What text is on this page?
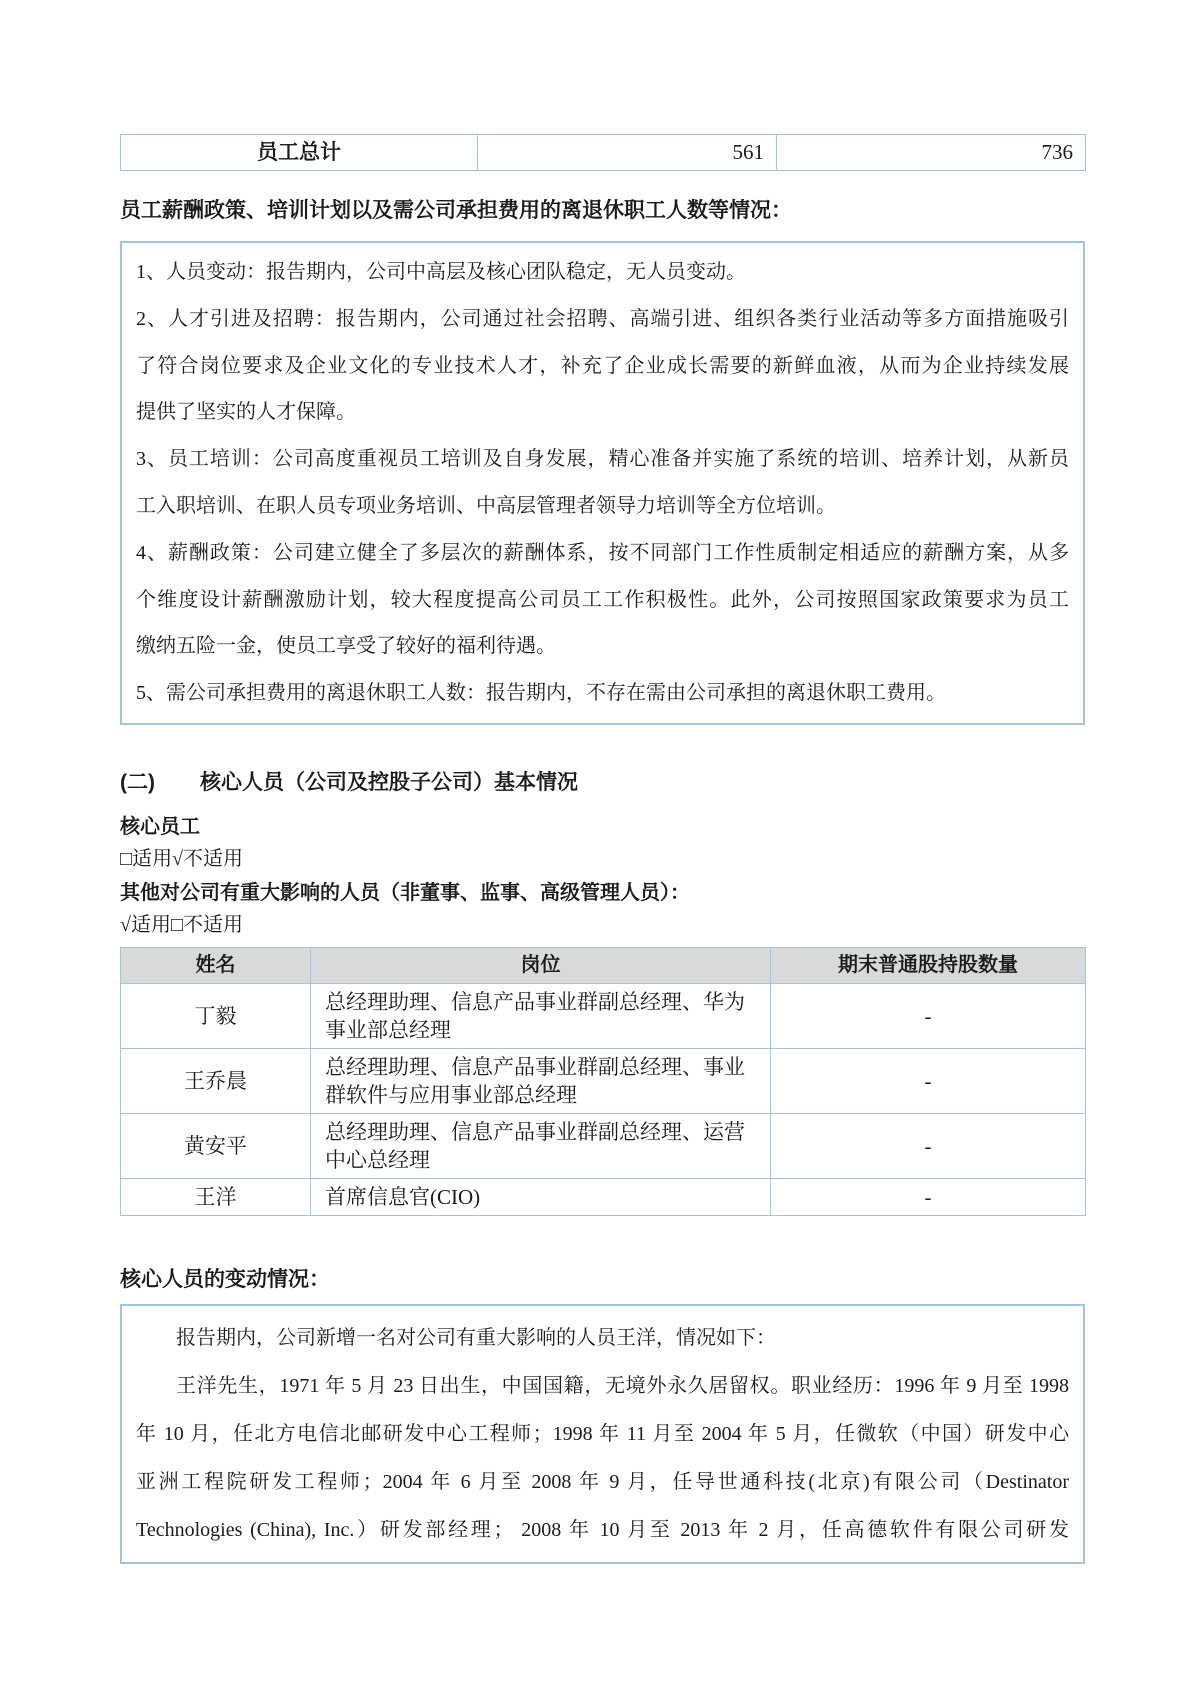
员工总计	561	736
员工薪酬政策、培训计划以及需公司承担费用的离退休职工人数等情况：
1、人员变动：报告期内，公司中高层及核心团队稳定，无人员变动。
2、人才引进及招聘：报告期内，公司通过社会招聘、高端引进、组织各类行业活动等多方面措施吸引
了符合岗位要求及企业文化的专业技术人才，补充了企业成长需要的新鲜血液，从而为企业持续发展
提供了坚实的人才保障。
3、员工培训：公司高度重视员工培训及自身发展，精心准备并实施了系统的培训、培养计划，从新员
工入职培训、在职人员专项业务培训、中高层管理者领导力培训等全方位培训。
4、薪酬政策：公司建立健全了多层次的薪酬体系，按不同部门工作性质制定相适应的薪酬方案，从多
个维度设计薪酬激励计划，较大程度提高公司员工工作积极性。此外，公司按照国家政策要求为员工
缴纳五险一金，使员工享受了较好的福利待遇。
5、需公司承担费用的离退休职工人数：报告期内，不存在需由公司承担的离退休职工费用。
(二) 核心人员（公司及控股子公司）基本情况
核心员工
□适用√不适用
其他对公司有重大影响的人员（非董事、监事、高级管理人员）：
√适用□不适用
姓名	岗位	期末普通股持股数量
丁毅	总经理助理、信息产品事业群副总经理、华为事业部总经理	-
王乔晨	总经理助理、信息产品事业群副总经理、事业群软件与应用事业部总经理	-
黄安平	总经理助理、信息产品事业群副总经理、运营中心总经理	-
王洋	首席信息官(CIO)	-
核心人员的变动情况：
报告期内，公司新增一名对公司有重大影响的人员王洋，情况如下：
王洋先生，1971 年 5 月 23 日出生，中国国籍，无境外永久居留权。职业经历：1996 年 9 月至 1998
年 10 月，任北方电信北邮研发中心工程师；1998 年 11 月至 2004 年 5 月，任微软（中国）研发中心
亚洲工程院研发工程师；2004 年 6 月至 2008 年 9 月，任导世通科技(北京)有限公司（Destinator
Technologies (China), Inc.）研发部经理； 2008 年 10 月至 2013 年 2 月，任高德软件有限公司研发
